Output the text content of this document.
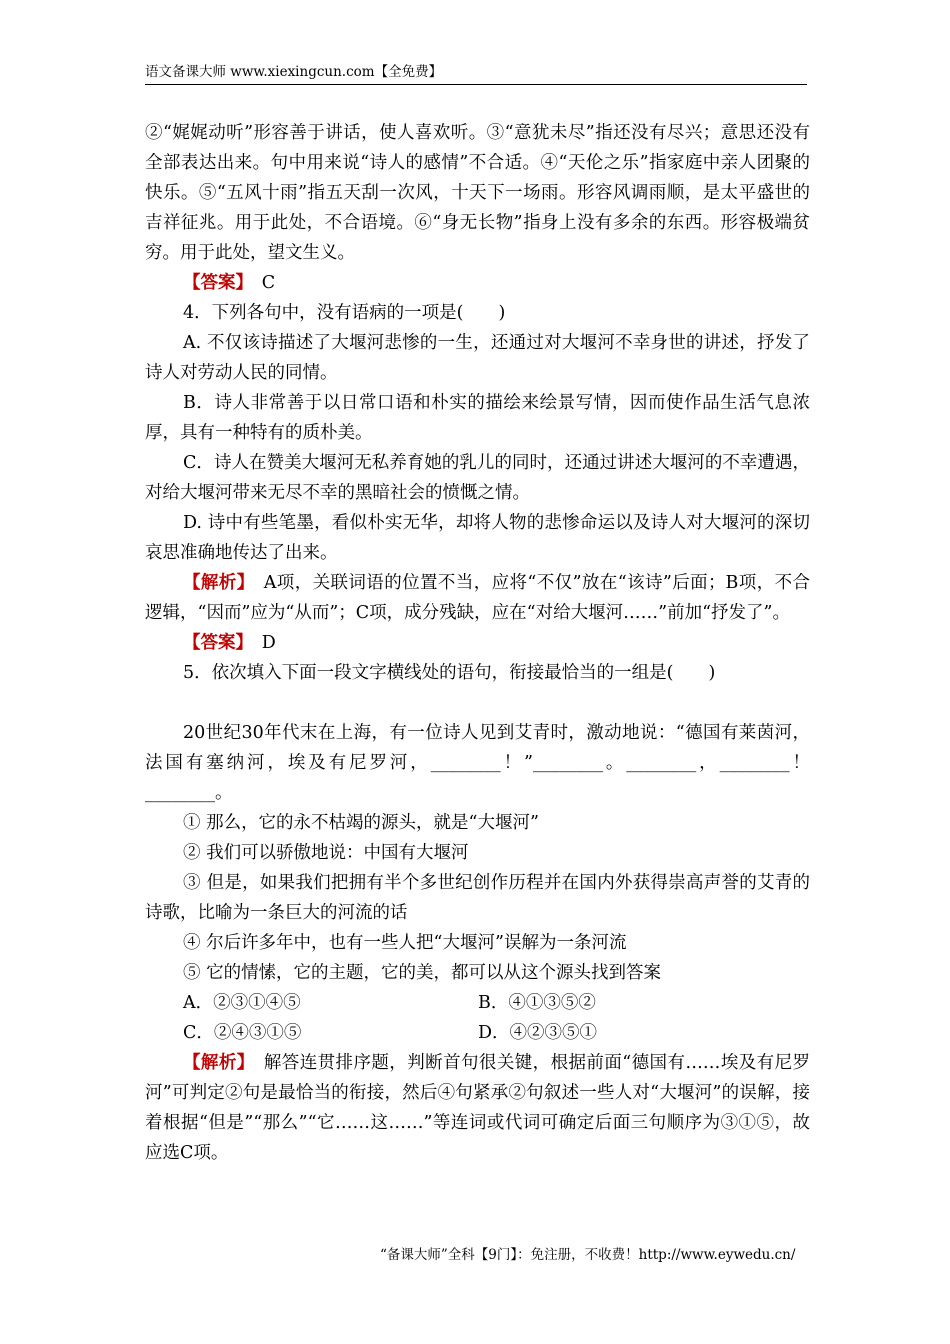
语文备课大师 www.xiexingcun.com【全免费】

②“娓娓动听”形容善于讲话，使人喜欢听。③“意犹未尽”指还没有尽兴；意思还没有全部表达出来。句中用来说“诗人的感情”不合适。④“天伦之乐”指家庭中亲人团聚的快乐。⑤“五风十雨”指五天刮一次风，十天下一场雨。形容风调雨顺，是太平盛世的吉祥征兆。用于此处，不合语境。⑥“身无长物”指身上没有多余的东西。形容极端贫穷。用于此处，望文生义。

【答案】　 C

4．下列各句中，没有语病的一项是(　　)

A. 不仅该诗描述了大堰河悲惨的一生，还通过对大堰河不幸身世的讲述，抒发了诗人对劳动人民的同情。

B．诗人非常善于以日常口语和朴实的描绘来绘景写情，因而使作品生活气息浓厚，具有一种特有的质朴美。

C．诗人在赞美大堰河无私养育她的乳儿的同时，还通过讲述大堰河的不幸遭遇，对给大堰河带来无尽不幸的黑暗社会的愤慨之情。

D. 诗中有些笔墨，看似朴实无华，却将人物的悲惨命运以及诗人对大堰河的深切哀思准确地传达了出来。

【解析】　 A项，关联词语的位置不当，应将“不仅”放在“该诗”后面；B项，不合逻辑，“因而”应为“从而”；C项，成分残缺，应在“对给大堰河……”前加“抒发了”。

【答案】　 D

5．依次填入下面一段文字横线处的语句，衔接最恰当的一组是(　　)

20世纪30年代末在上海，有一位诗人见到艾青时，激动地说：“德国有莱茵河，法国有塞纳河，埃及有尼罗河，________！”________。________，________！________。

① 那么，它的永不枯竭的源头，就是“大堰河”

② 我们可以骄傲地说：中国有大堰河

③ 但是，如果我们把拥有半个多世纪创作历程并在国内外获得崇高声誉的艾青的诗歌，比喻为一条巨大的河流的话

④ 尔后许多年中，也有一些人把“大堰河”误解为一条河流

⑤ 它的情愫，它的主题，它的美，都可以从这个源头找到答案

A．②③①④⑤	B．④①③⑤②
C．②④③①⑤	D．④②③⑤①

【解析】　 解答连贯排序题，判断首句很关键，根据前面“德国有……埃及有尼罗河”可判定②句是最恰当的衔接，然后④句紧承②句叙述一些人对“大堰河”的误解，接着根据“但是”“那么”“它……这……”等连词或代词可确定后面三句顺序为③①⑤，故应选C项。

“备课大师”全科【9门】：免注册，不收费！http://www.eywedu.cn/
